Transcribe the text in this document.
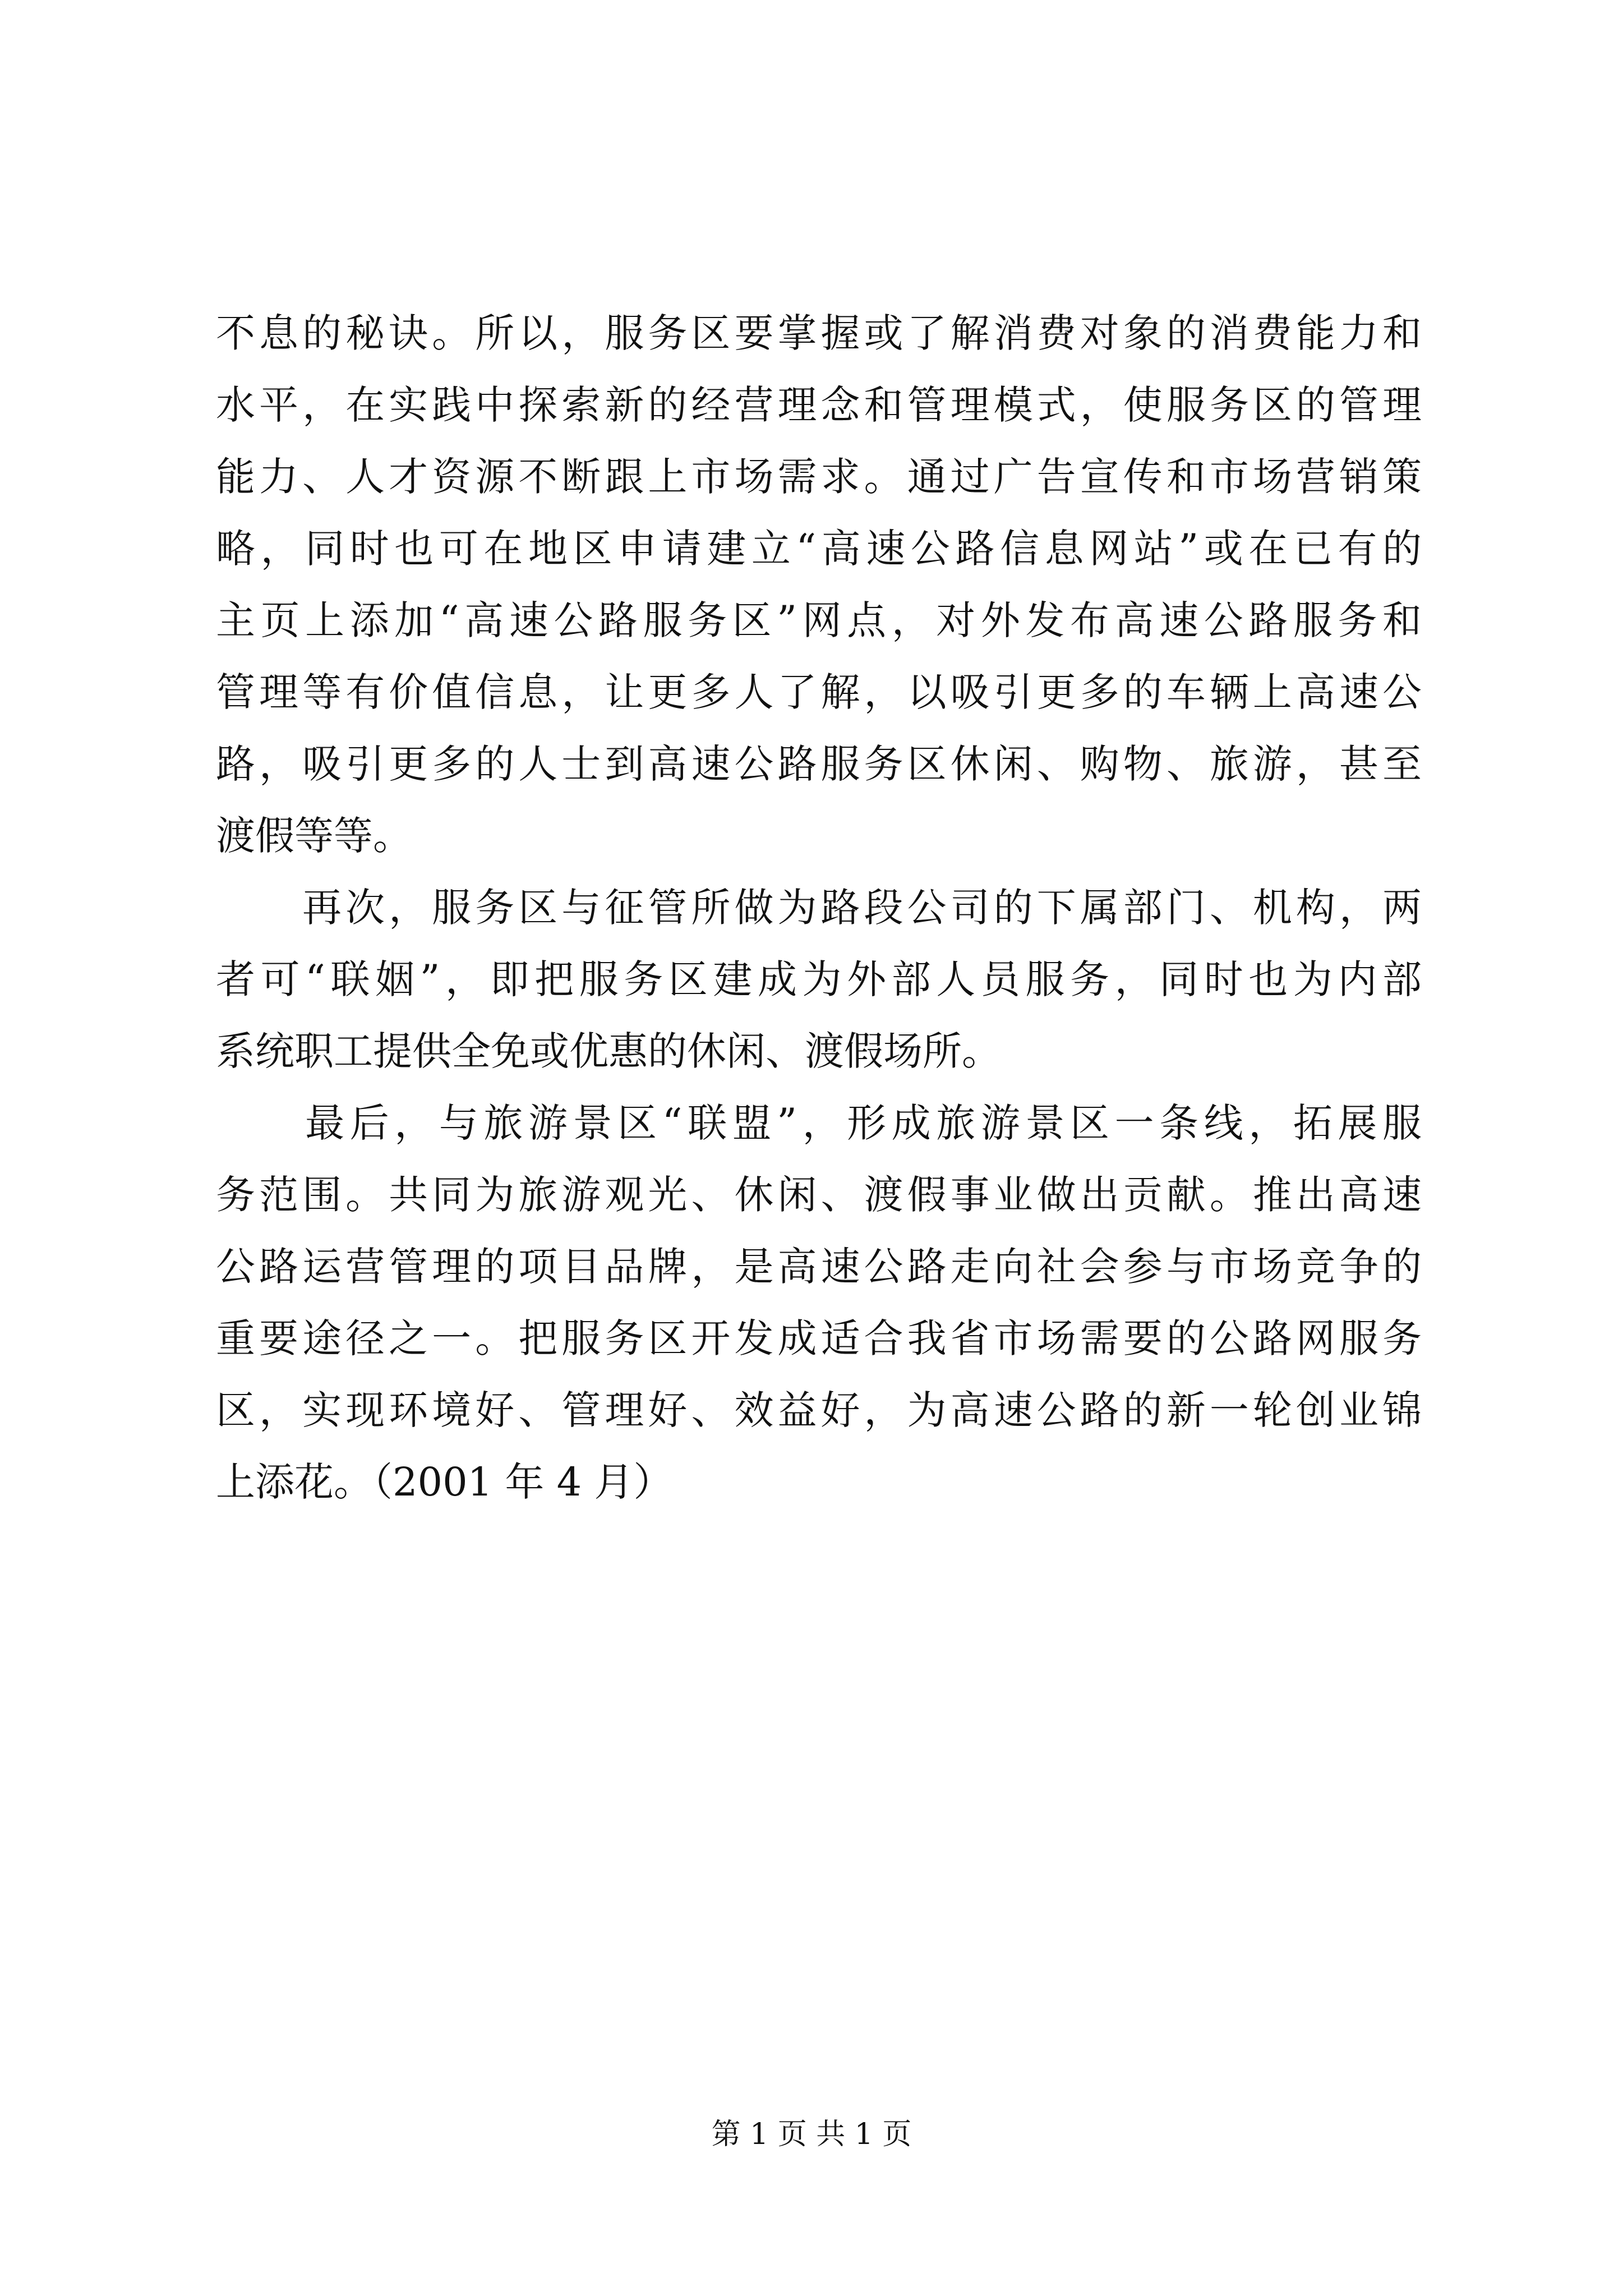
不息的秘诀。所以，服务区要掌握或了解消费对象的消费能力和
水平，在实践中探索新的经营理念和管理模式，使服务区的管理
能力、人才资源不断跟上市场需求。通过广告宣传和市场营销策
略，同时也可在地区申请建立“高速公路信息网站”或在已有的
主页上添加“高速公路服务区”网点，对外发布高速公路服务和
管理等有价值信息，让更多人了解，以吸引更多的车辆上高速公
路，吸引更多的人士到高速公路服务区休闲、购物、旅游，甚至
渡假等等。
　　再次，服务区与征管所做为路段公司的下属部门、机构，两
者可“联姻”，即把服务区建成为外部人员服务，同时也为内部
系统职工提供全免或优惠的休闲、渡假场所。
　　最后，与旅游景区“联盟”，形成旅游景区一条线，拓展服
务范围。共同为旅游观光、休闲、渡假事业做出贡献。推出高速
公路运营管理的项目品牌，是高速公路走向社会参与市场竞争的
重要途径之一。把服务区开发成适合我省市场需要的公路网服务
区，实现环境好、管理好、效益好，为高速公路的新一轮创业锦
上添花。（2001 年 4 月）
第 1 页 共 1 页
